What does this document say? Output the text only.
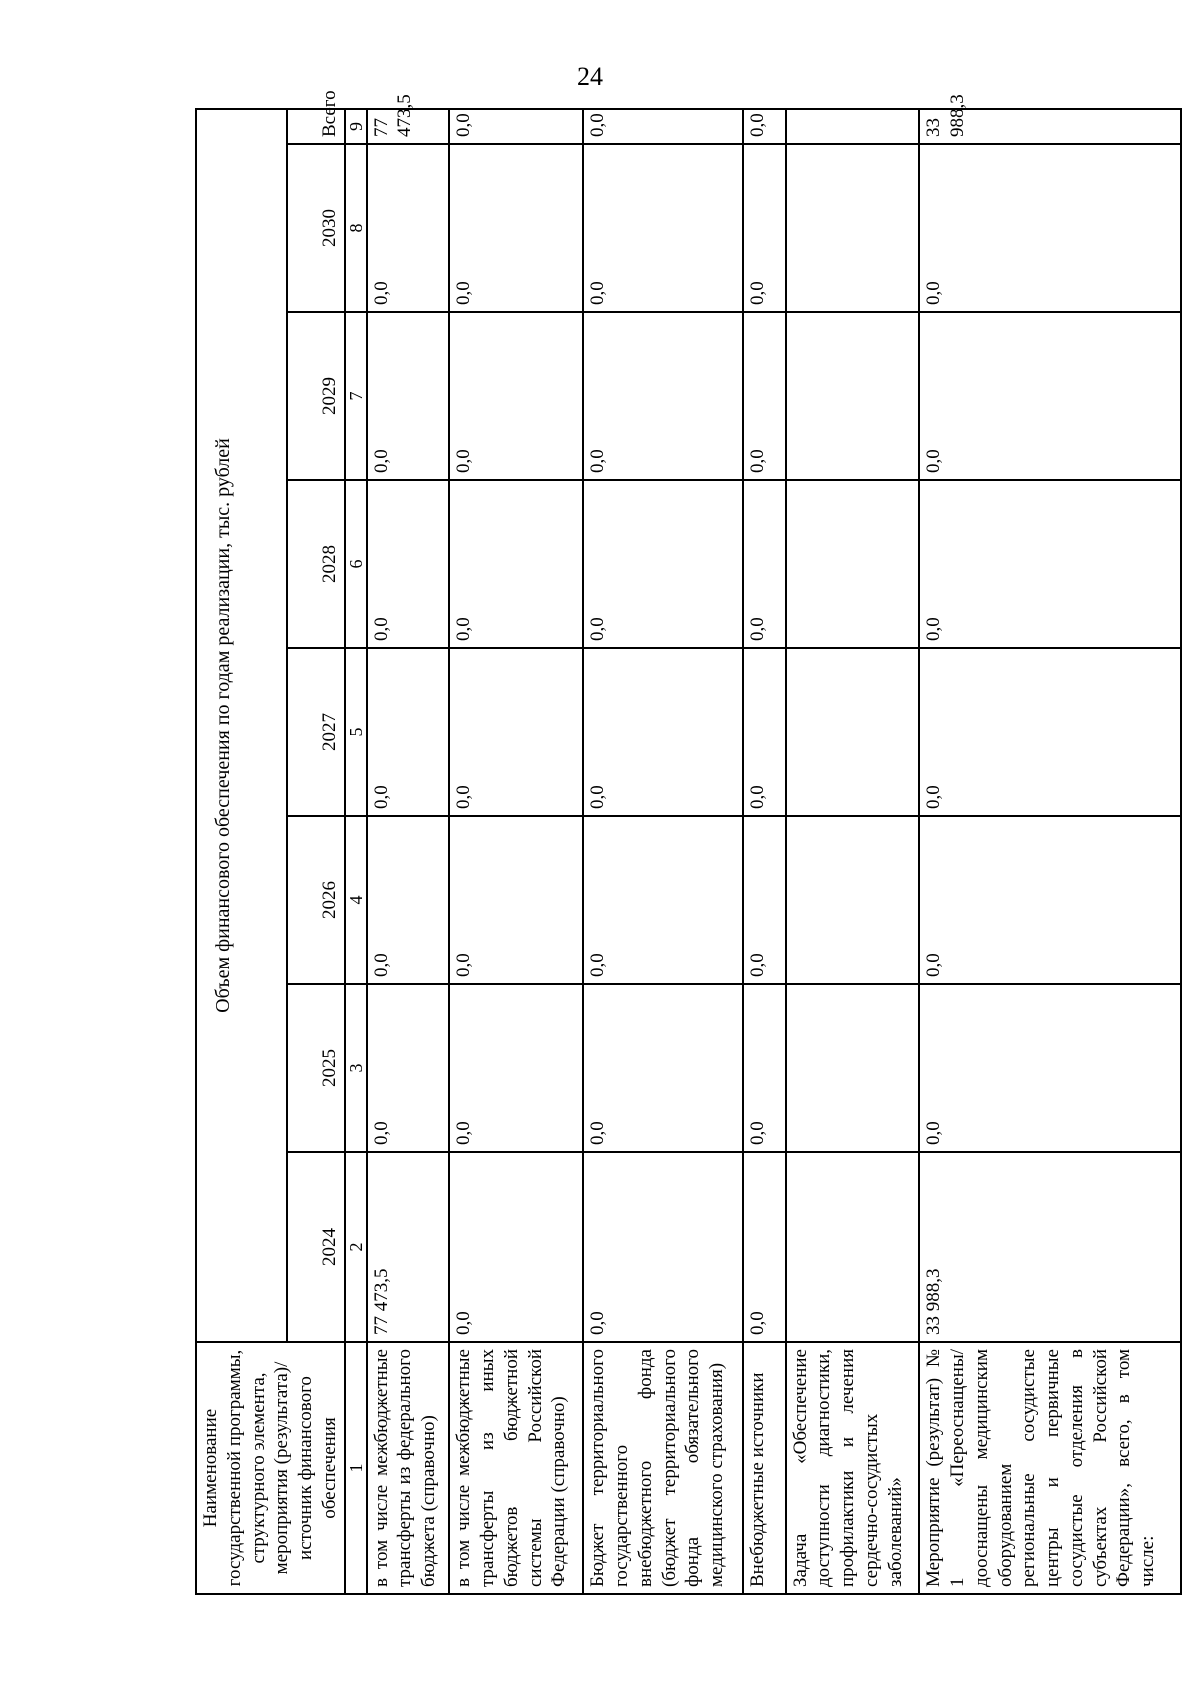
24
Наименование государственной программы, структурного элемента, мероприятия (результата)/источник финансового обеспечения	Объем финансового обеспечения по годам реализации, тыс. рублей							
	2024	2025	2026	2027	2028	2029	2030	Всего
1	2	3	4	5	6	7	8	9
в том числе межбюджетные трансферты из федерального бюджета (справочно)	77 473,5	0,0	0,0	0,0	0,0	0,0	0,0	77 473,5
в том числе межбюджетные трансферты из иных бюджетов бюджетной системы Российской Федерации (справочно)	0,0	0,0	0,0	0,0	0,0	0,0	0,0	0,0
Бюджет территориального государственного внебюджетного фонда (бюджет территориального фонда обязательного медицинского страхования)	0,0	0,0	0,0	0,0	0,0	0,0	0,0	0,0
Внебюджетные источники	0,0	0,0	0,0	0,0	0,0	0,0	0,0	0,0
Задача «Обеспечение доступности диагностики, профилактики и лечения сердечно-сосудистых заболеваний»								
Мероприятие (результат) № 1 «Переоснащены/дооснащены медицинским оборудованием региональные сосудистые центры и первичные сосудистые отделения в субъектах Российской Федерации», всего, в том числе:	33 988,3	0,0	0,0	0,0	0,0	0,0	0,0	33 988,3
